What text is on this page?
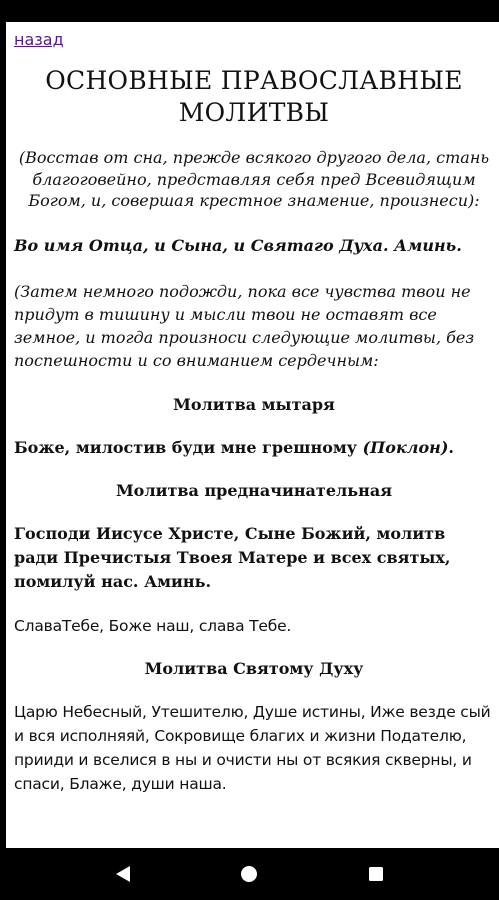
назад
ОСНОВНЫЕ ПРАВОСЛАВНЫЕ МОЛИТВЫ

(Восстав от сна, прежде всякого другого дела, стань благоговейно, представляя себя пред Всевидящим Богом, и, совершая крестное знамение, произнеси):

Во имя Отца, и Сына, и Святаго Духа. Аминь.

(Затем немного подожди, пока все чувства твои не придут в тишину и мысли твои не оставят все земное, и тогда произноси следующие молитвы, без поспешности и со вниманием сердечным:

Молитва мытаря

Боже, милостив буди мне грешному (Поклон).

Молитва предначинательная

Господи Иисусе Христе, Сыне Божий, молитв ради Пречистыя Твоея Матере и всех святых, помилуй нас. Аминь.

СлаваТебе, Боже наш, слава Тебе.

Молитва Святому Духу

Царю Небесный, Утешителю, Душе истины, Иже везде сый и вся исполняяй, Сокровище благих и жизни Подателю, прииди и вселися в ны и очисти ны от всякия скверны, и спаси, Блаже, души наша.
